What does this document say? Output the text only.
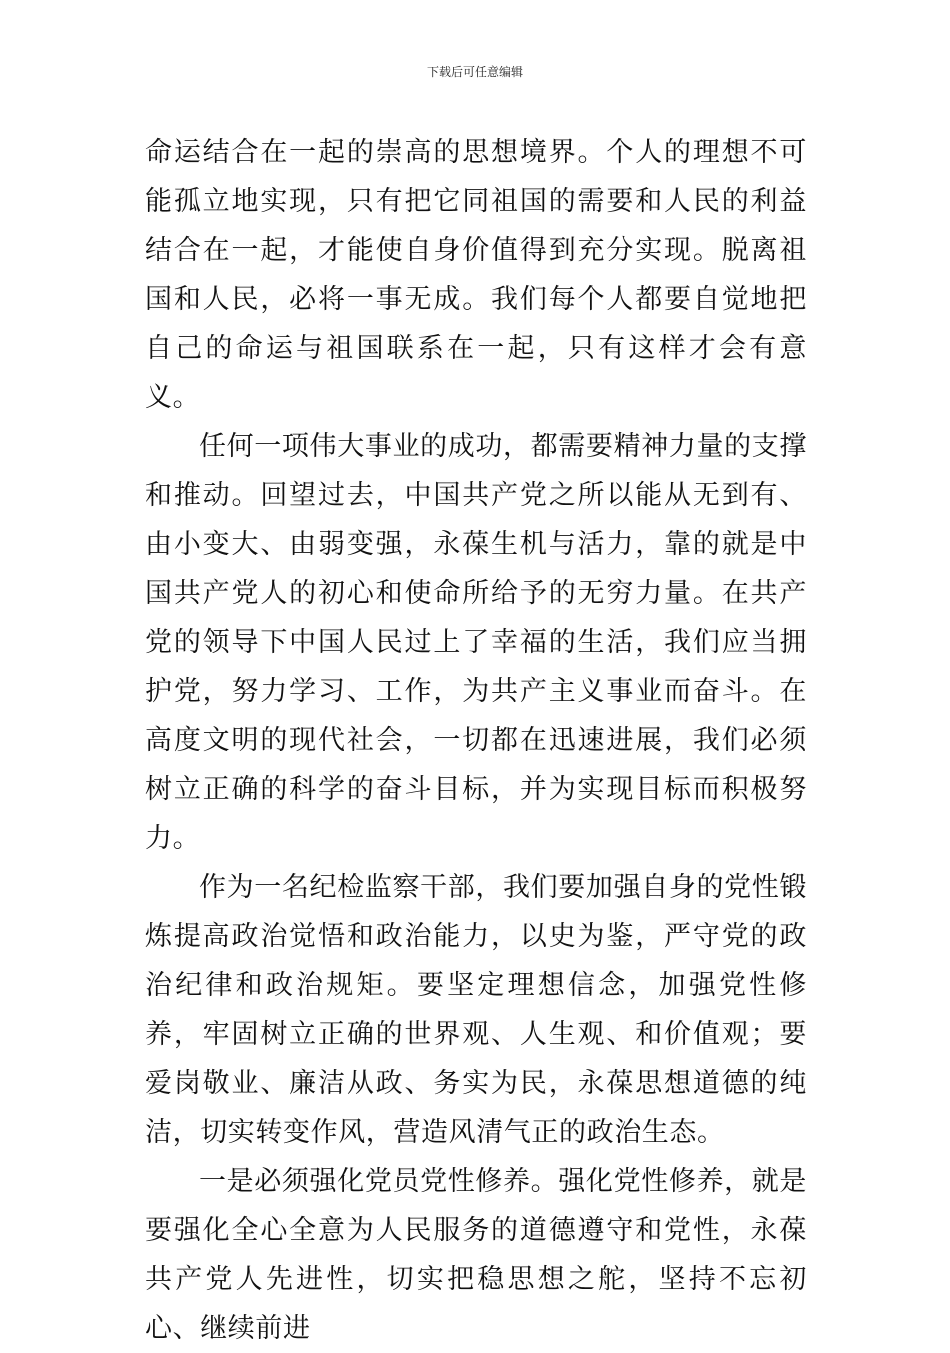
下载后可任意编辑

命运结合在一起的崇高的思想境界。个人的理想不可能孤立地实现，只有把它同祖国的需要和人民的利益结合在一起，才能使自身价值得到充分实现。脱离祖国和人民，必将一事无成。我们每个人都要自觉地把自己的命运与祖国联系在一起，只有这样才会有意义。

任何一项伟大事业的成功，都需要精神力量的支撑和推动。回望过去，中国共产党之所以能从无到有、由小变大、由弱变强，永葆生机与活力，靠的就是中国共产党人的初心和使命所给予的无穷力量。在共产党的领导下中国人民过上了幸福的生活，我们应当拥护党，努力学习、工作，为共产主义事业而奋斗。在高度文明的现代社会，一切都在迅速进展，我们必须树立正确的科学的奋斗目标，并为实现目标而积极努力。

作为一名纪检监察干部，我们要加强自身的党性锻炼提高政治觉悟和政治能力，以史为鉴，严守党的政治纪律和政治规矩。要坚定理想信念，加强党性修养，牢固树立正确的世界观、人生观、和价值观；要爱岗敬业、廉洁从政、务实为民，永葆思想道德的纯洁，切实转变作风，营造风清气正的政治生态。

一是必须强化党员党性修养。强化党性修养，就是要强化全心全意为人民服务的道德遵守和党性，永葆共产党人先进性，切实把稳思想之舵，坚持不忘初心、继续前进
